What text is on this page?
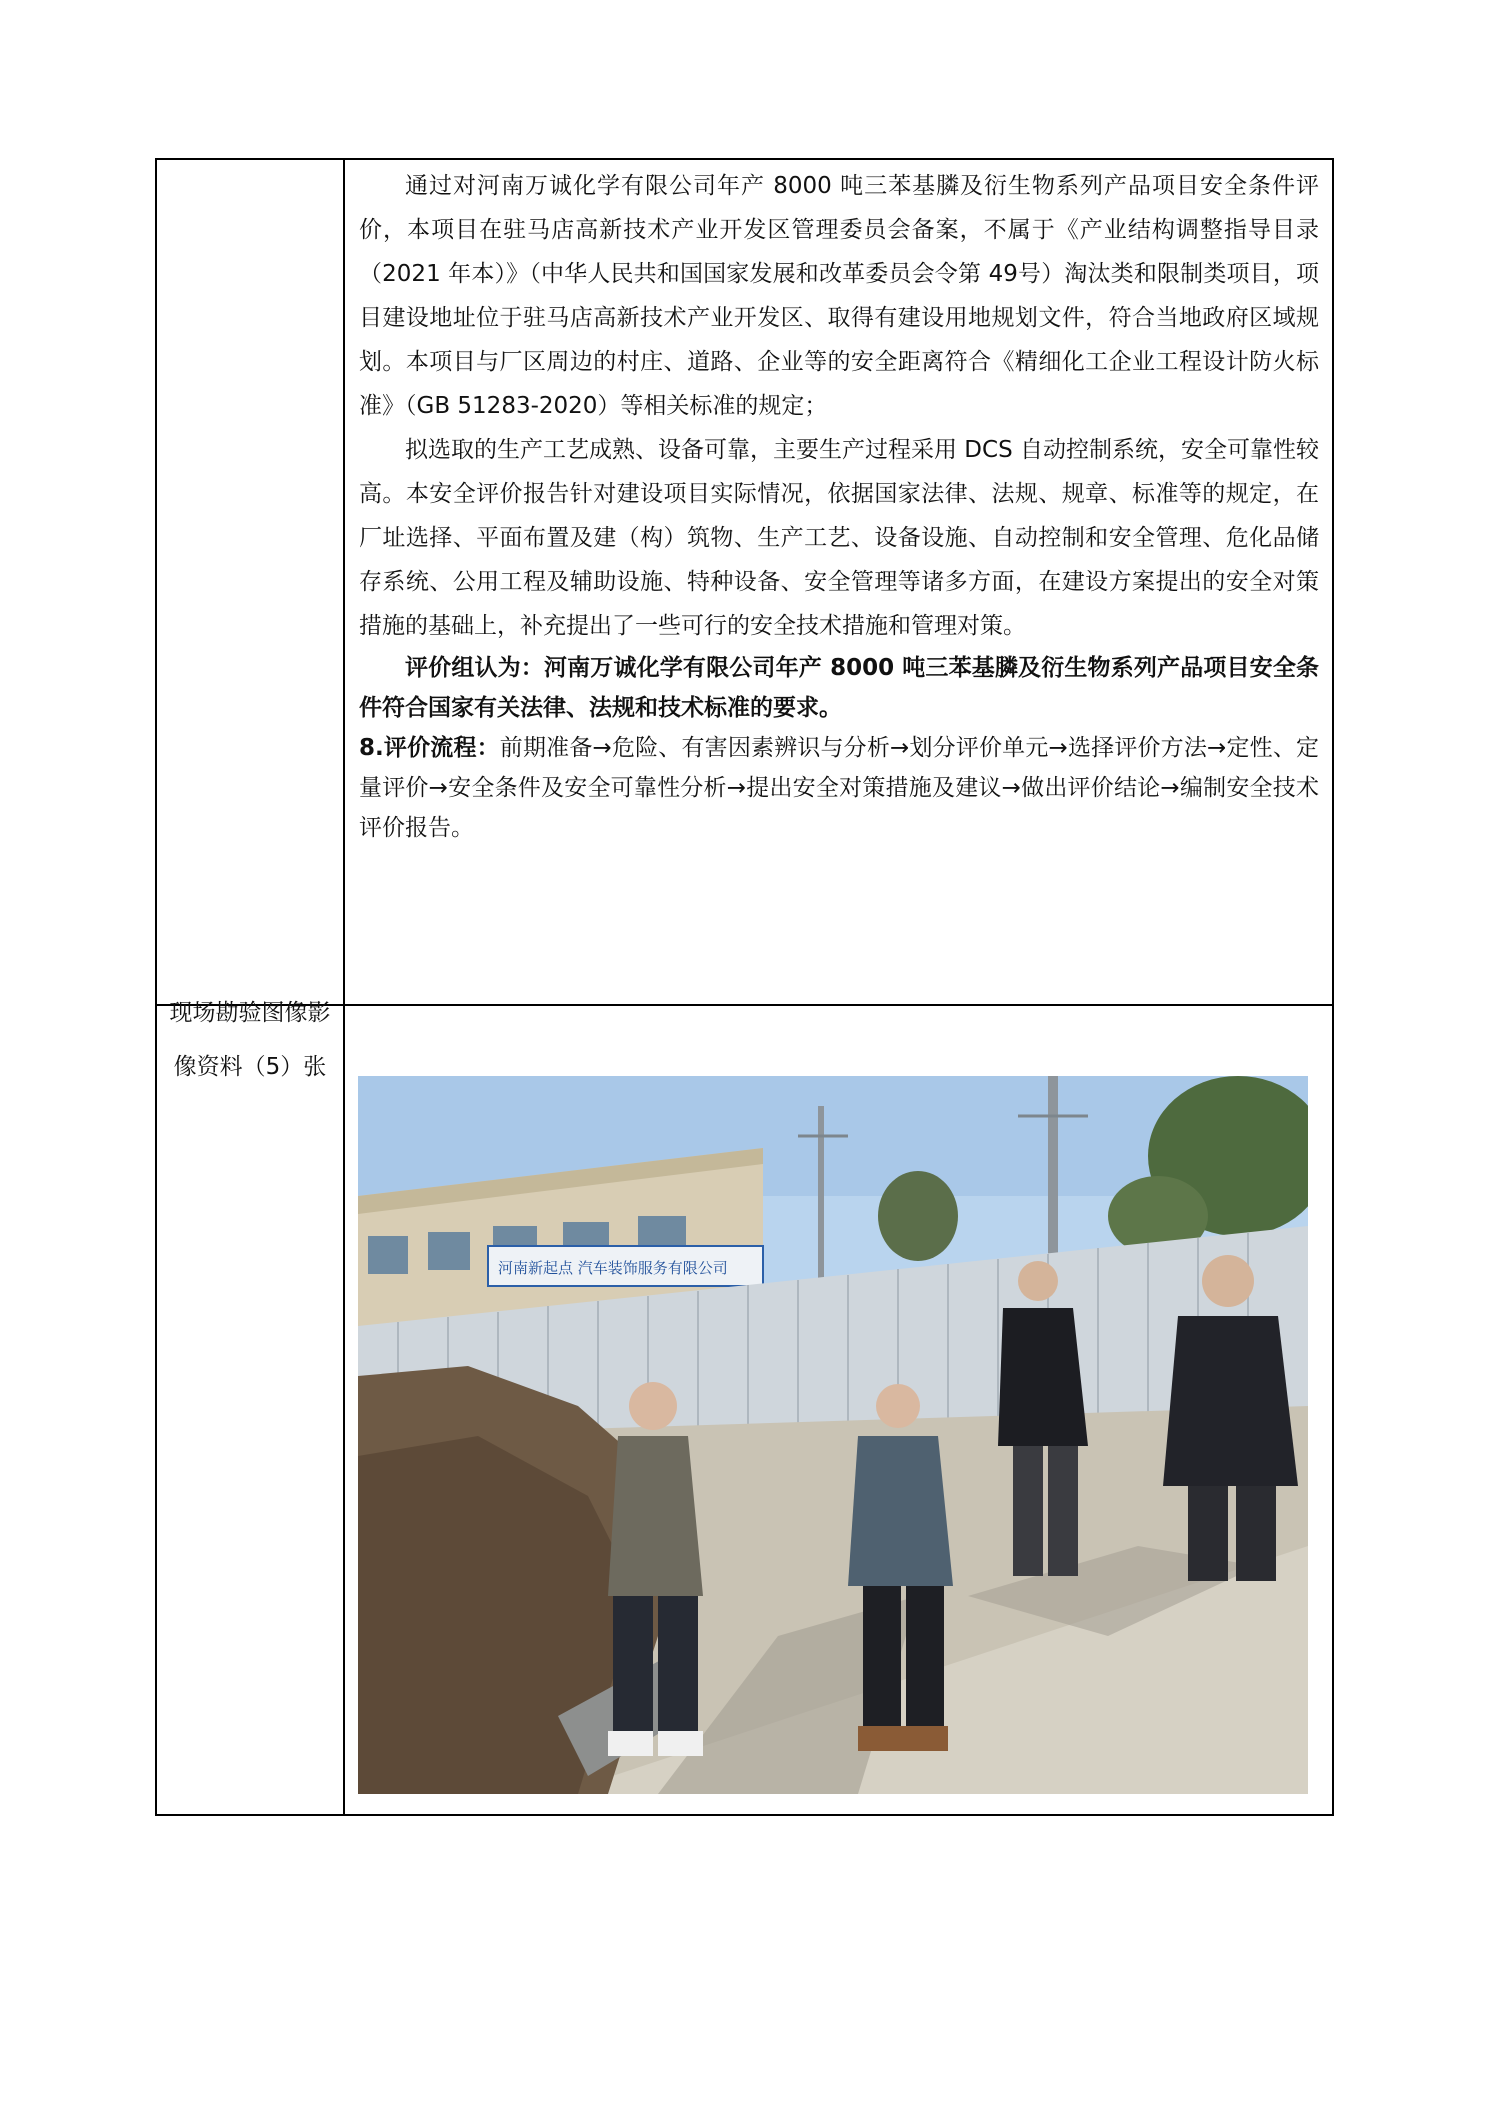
	通过对河南万诚化学有限公司年产 8000 吨三苯基膦及衍生物系列产品项目安全条件评价，本项目在驻马店高新技术产业开发区管理委员会备案，不属于《产业结构调整指导目录（2021 年本）》（中华人民共和国国家发展和改革委员会令第 49号）淘汰类和限制类项目，项目建设地址位于驻马店高新技术产业开发区、取得有建设用地规划文件，符合当地政府区域规划。本项目与厂区周边的村庄、道路、企业等的安全距离符合《精细化工企业工程设计防火标准》（GB 51283-2020）等相关标准的规定；

拟选取的生产工艺成熟、设备可靠，主要生产过程采用 DCS 自动控制系统，安全可靠性较高。本安全评价报告针对建设项目实际情况，依据国家法律、法规、规章、标准等的规定，在厂址选择、平面布置及建（构）筑物、生产工艺、设备设施、自动控制和安全管理、危化品储存系统、公用工程及辅助设施、特种设备、安全管理等诸多方面，在建设方案提出的安全对策措施的基础上，补充提出了一些可行的安全技术措施和管理对策。

评价组认为：河南万诚化学有限公司年产 8000 吨三苯基膦及衍生物系列产品项目安全条件符合国家有关法律、法规和技术标准的要求。

8.评价流程：前期准备→危险、有害因素辨识与分析→划分评价单元→选择评价方法→定性、定量评价→安全条件及安全可靠性分析→提出安全对策措施及建议→做出评价结论→编制安全技术评价报告。

现场勘验图像影像资料（5）张	河南新起点 汽车装饰服务有限公司
